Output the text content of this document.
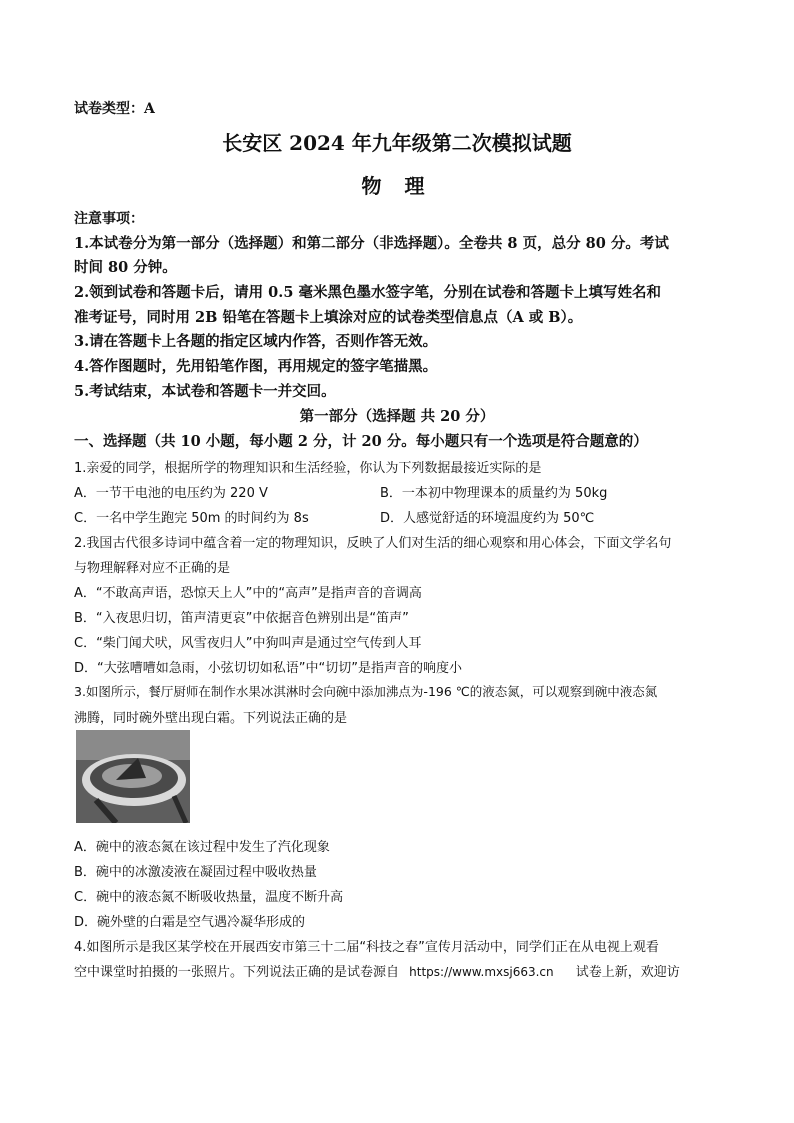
试卷类型：A
长安区 2024 年九年级第二次模拟试题
物 理
注意事项：
1.本试卷分为第一部分（选择题）和第二部分（非选择题）。全卷共 8 页，总分 80 分。考试
时间 80 分钟。
2.领到试卷和答题卡后，请用 0.5 毫米黑色墨水签字笔，分别在试卷和答题卡上填写姓名和
准考证号，同时用 2B 铅笔在答题卡上填涂对应的试卷类型信息点（A 或 B）。
3.请在答题卡上各题的指定区域内作答，否则作答无效。
4.答作图题时，先用铅笔作图，再用规定的签字笔描黑。
5.考试结束，本试卷和答题卡一并交回。
第一部分（选择题 共 20 分）
一、选择题（共 10 小题，每小题 2 分，计 20 分。每小题只有一个选项是符合题意的）
1.亲爱的同学，根据所学的物理知识和生活经验，你认为下列数据最接近实际的是
A．一节干电池的电压约为 220 V	B．一本初中物理课本的质量约为 50kg
C．一名中学生跑完 50m 的时间约为 8s	D．人感觉舒适的环境温度约为 50℃
2.我国古代很多诗词中蕴含着一定的物理知识，反映了人们对生活的细心观察和用心体会，下面文学名句
与物理解释对应不正确的是
A．“不敢高声语，恐惊天上人”中的“高声”是指声音的音调高
B．“入夜思归切，笛声清更哀”中依据音色辨别出是“笛声”
C．“柴门闻犬吠，风雪夜归人”中狗叫声是通过空气传到人耳
D．“大弦嘈嘈如急雨，小弦切切如私语”中“切切”是指声音的响度小
3.如图所示，餐厅厨师在制作水果冰淇淋时会向碗中添加沸点为-196 ℃的液态氮，可以观察到碗中液态氮
沸腾，同时碗外壁出现白霜。下列说法正确的是
A．碗中的液态氮在该过程中发生了汽化现象
B．碗中的冰激凌液在凝固过程中吸收热量
C．碗中的液态氮不断吸收热量，温度不断升高
D．碗外壁的白霜是空气遇冷凝华形成的
4.如图所示是我区某学校在开展西安市第三十二届“科技之春”宣传月活动中，同学们正在从电视上观看
空中课堂时拍摄的一张照片。下列说法正确的是试卷源自 https://www.mxsj663.cn 试卷上新，欢迎访
